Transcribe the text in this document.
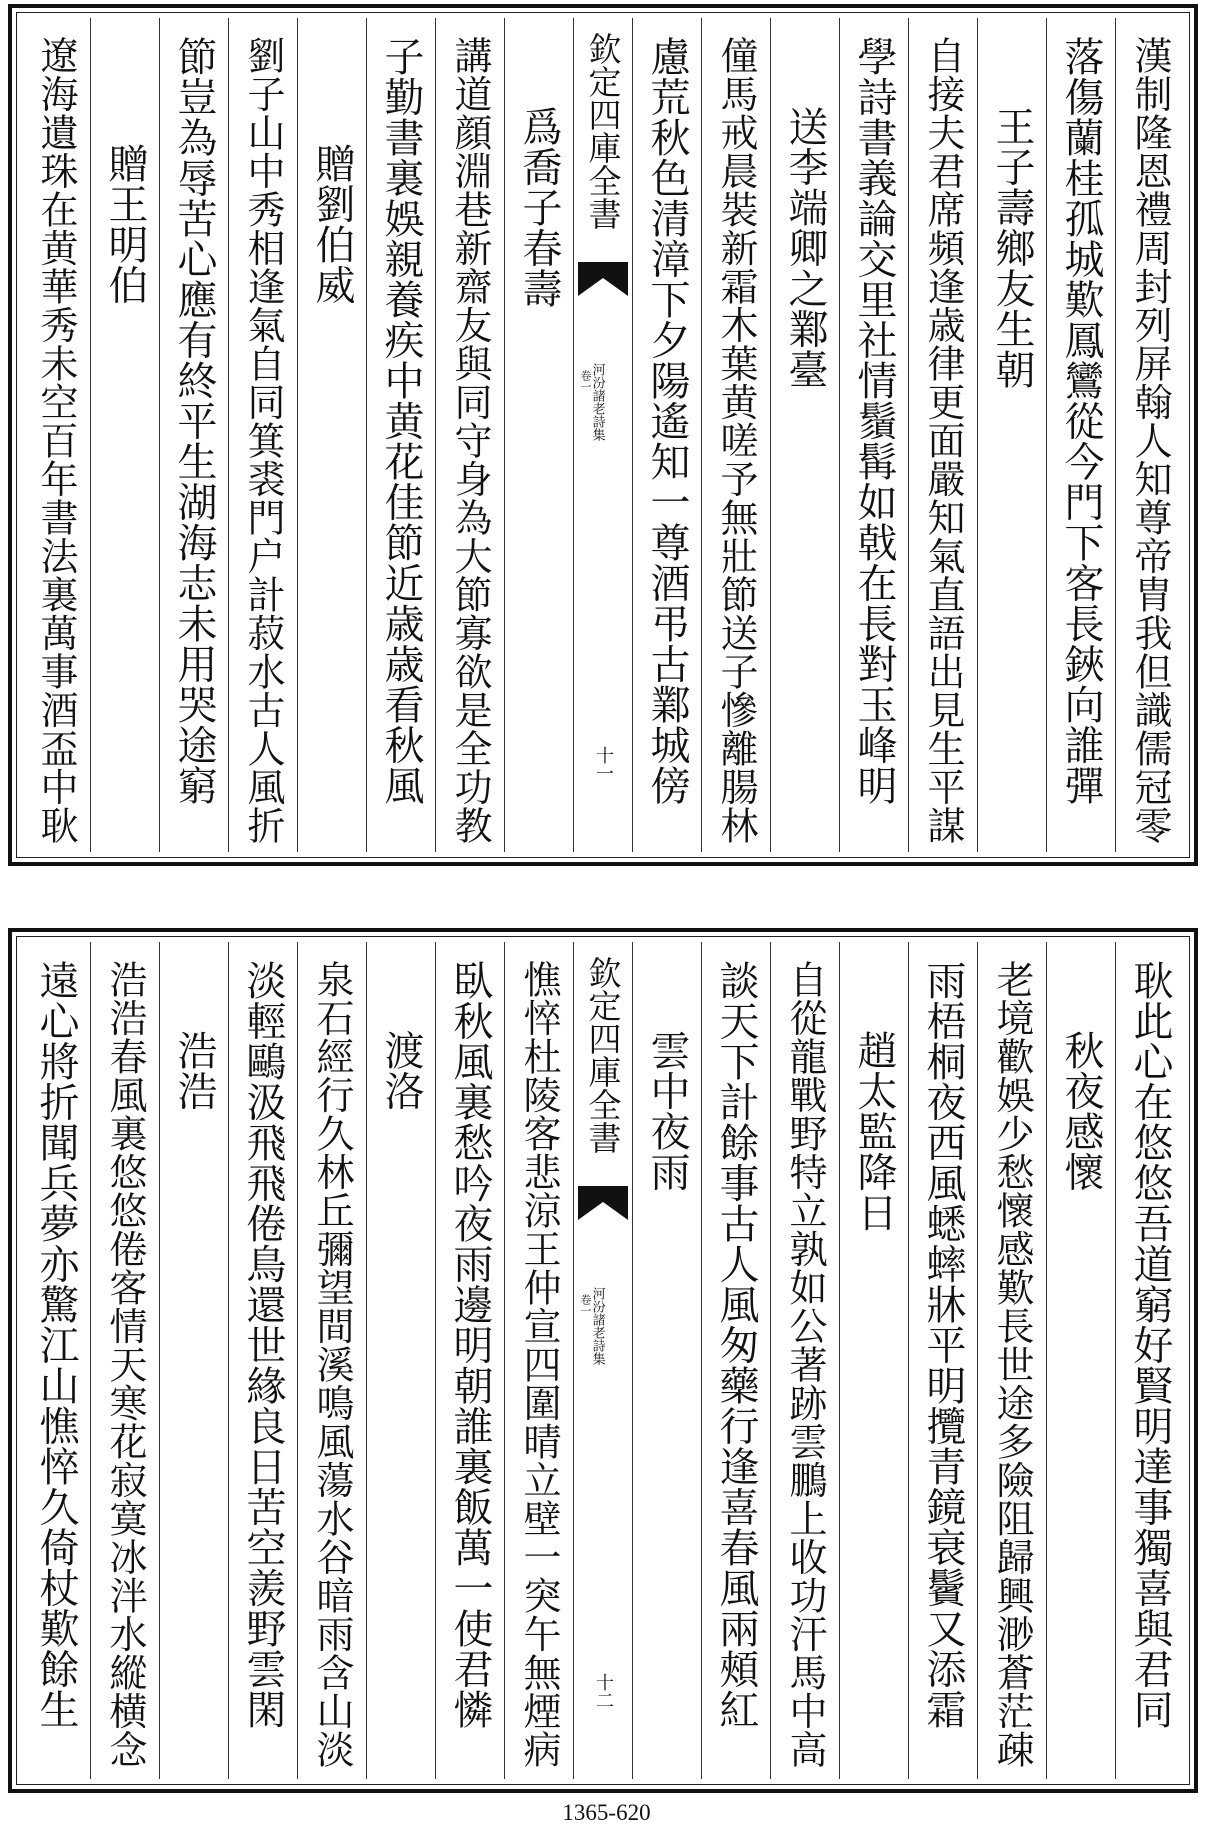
漢制隆恩禮周封列屏翰人知尊帝胄我但識儒冠零
落傷蘭桂孤城歎鳳鸞從今門下客長鋏向誰彈
王子壽鄉友生朝
自接夫君席頻逢歳律更面嚴知氣直語出見生平謀
學詩書義論交里社情鬚髯如戟在長對玉峰明
送李端卿之鄴臺
僮馬戒晨裝新霜木葉黄嗟予無壯節送子慘離腸林
慮荒秋色清漳下夕陽遙知一尊酒弔古鄴城傍
欽定四庫全書
卷一
河汾諸老詩集
十一
爲喬子春壽
講道顔淵巷新齋友與同守身為大節寡欲是全功教
子勤書裏娛親養疾中黄花佳節近歳歳看秋風
贈劉伯威
劉子山中秀相逢氣自同箕裘門户計菽水古人風折
節豈為辱苦心應有終平生湖海志未用哭途窮
贈王明伯
遼海遺珠在黄華秀未空百年書法裏萬事酒盃中耿
耿此心在悠悠吾道窮好賢明達事獨喜與君同
秋夜感懷
老境歡娛少愁懷感歎長世途多險阻歸興渺蒼茫疎
雨梧桐夜西風蟋蟀牀平明攬青鏡衰鬢又添霜
趙太監降日
自從龍戰野特立孰如公著跡雲鵬上收功汗馬中高
談天下計餘事古人風匆藥行逢喜春風兩頰紅
雲中夜雨
欽定四庫全書
卷一
河汾諸老詩集
十二
憔悴杜陵客悲涼王仲宣四圍晴立壁一突午無煙病
臥秋風裏愁吟夜雨邊明朝誰裏飯萬一使君憐
渡洛
泉石經行久林丘彌望間溪鳴風蕩水谷暗雨含山淡
淡輕鷗汲飛飛倦鳥還世緣良日苦空羨野雲閑
浩浩
浩浩春風裏悠悠倦客情天寒花寂寞冰泮水縱横念
遠心將折聞兵夢亦驚江山憔悴久倚杖歎餘生
1365-620
